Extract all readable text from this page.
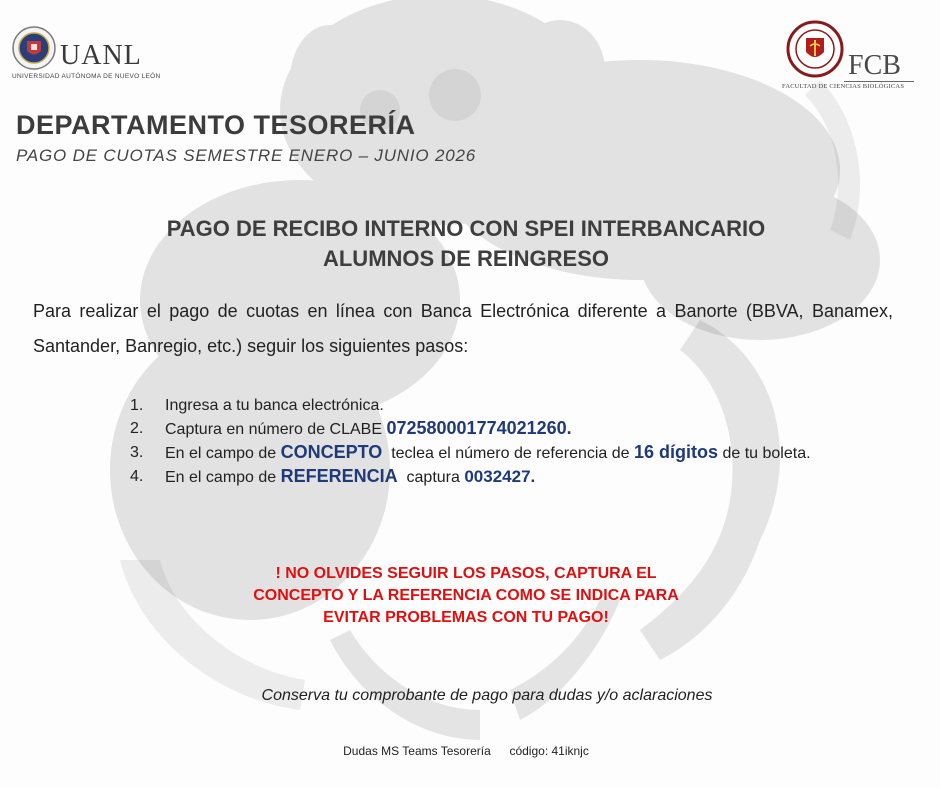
UANL
UNIVERSIDAD AUTÓNOMA DE NUEVO LEÓN	FCB
FACULTAD DE CIENCIAS BIOLÓGICAS
DEPARTAMENTO TESORERÍA
PAGO DE CUOTAS SEMESTRE ENERO – JUNIO 2026
PAGO DE RECIBO INTERNO CON SPEI INTERBANCARIO
ALUMNOS DE REINGRESO
Para realizar el pago de cuotas en línea con Banca Electrónica diferente a Banorte (BBVA, Banamex, Santander, Banregio, etc.) seguir los siguientes pasos:
1. Ingresa a tu banca electrónica.
2. Captura en número de CLABE 072580001774021260.
3. En el campo de CONCEPTO  teclea el número de referencia de 16 dígitos de tu boleta.
4. En el campo de REFERENCIA  captura 0032427.
! NO OLVIDES SEGUIR LOS PASOS, CAPTURA EL
CONCEPTO Y LA REFERENCIA COMO SE INDICA PARA
EVITAR PROBLEMAS CON TU PAGO!
Conserva tu comprobante de pago para dudas y/o aclaraciones
Dudas MS Teams Tesorería código: 41iknjc
